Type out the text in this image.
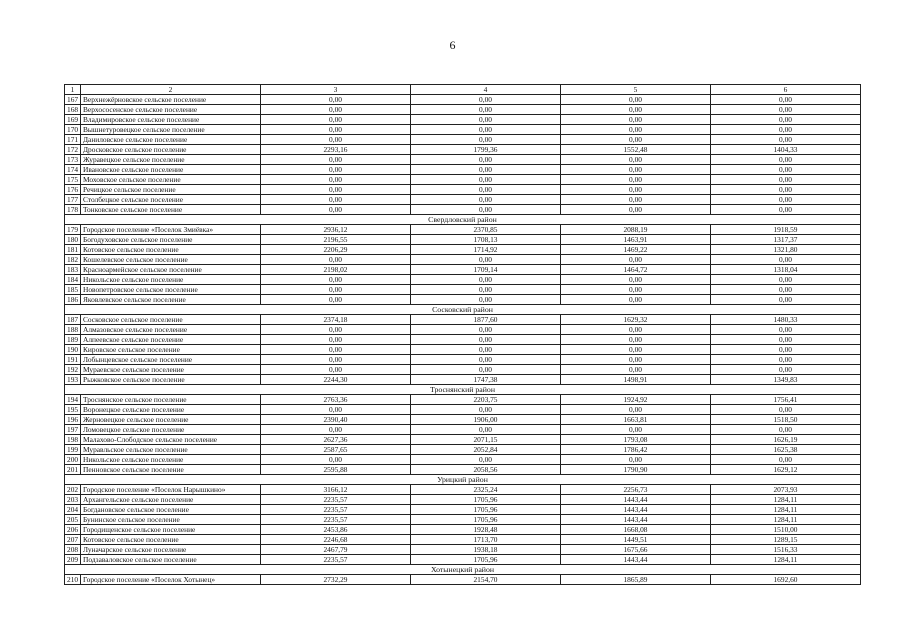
6
1	2	3	4	5	6
167	Верхнежёрновское сельское поселение	0,00	0,00	0,00	0,00
168	Верхососенское сельское поселение	0,00	0,00	0,00	0,00
169	Владимировское сельское поселение	0,00	0,00	0,00	0,00
170	Вышнетуровецкое сельское поселение	0,00	0,00	0,00	0,00
171	Даниловское сельское поселение	0,00	0,00	0,00	0,00
172	Дросковское сельское поселение	2293,16	1799,36	1552,48	1404,33
173	Журавецкое сельское поселение	0,00	0,00	0,00	0,00
174	Ивановское сельское поселение	0,00	0,00	0,00	0,00
175	Моховское сельское поселение	0,00	0,00	0,00	0,00
176	Речицкое сельское поселение	0,00	0,00	0,00	0,00
177	Столбецкое сельское поселение	0,00	0,00	0,00	0,00
178	Тонковское сельское поселение	0,00	0,00	0,00	0,00
Свердловский район					
179	Городское поселение «Поселок Змиёвка»	2936,12	2370,85	2088,19	1918,59
180	Богодуховское сельское поселение	2196,55	1708,13	1463,91	1317,37
181	Котовское сельское поселение	2206,29	1714,92	1469,22	1321,80
182	Кошелевское сельское поселение	0,00	0,00	0,00	0,00
183	Красноармейское сельское поселение	2198,02	1709,14	1464,72	1318,04
184	Никольское сельское поселение	0,00	0,00	0,00	0,00
185	Новопетровское сельское поселение	0,00	0,00	0,00	0,00
186	Яковлевское сельское поселение	0,00	0,00	0,00	0,00
Сосковский район					
187	Сосковское сельское поселение	2374,18	1877,60	1629,32	1480,33
188	Алмазовское сельское поселение	0,00	0,00	0,00	0,00
189	Алпеевское сельское поселение	0,00	0,00	0,00	0,00
190	Кировское сельское поселение	0,00	0,00	0,00	0,00
191	Лобынцевское сельское поселение	0,00	0,00	0,00	0,00
192	Мураевское сельское поселение	0,00	0,00	0,00	0,00
193	Рыжковское сельское поселение	2244,30	1747,38	1498,91	1349,83
Троснянский район					
194	Троснянское сельское поселение	2763,36	2203,75	1924,92	1756,41
195	Воронецкое сельское поселение	0,00	0,00	0,00	0,00
196	Жерновецкое сельское поселение	2390,40	1906,00	1663,81	1518,50
197	Ломовецкое сельское поселение	0,00	0,00	0,00	0,00
198	Малахово-Слободское сельское поселение	2627,36	2071,15	1793,08	1626,19
199	Муравльское сельское поселение	2587,65	2052,84	1786,42	1625,38
200	Никольское сельское поселение	0,00	0,00	0,00	0,00
201	Пенновское сельское поселение	2595,88	2058,56	1790,90	1629,12
Урицкий район					
202	Городское поселение «Поселок Нарышкино»	3166,12	2325,24	2256,73	2073,93
203	Архангельское сельское поселение	2235,57	1705,96	1443,44	1284,11
204	Богдановское сельское поселение	2235,57	1705,96	1443,44	1284,11
205	Бунинское сельское поселение	2235,57	1705,96	1443,44	1284,11
206	Городищенское сельское поселение	2453,86	1928,48	1668,08	1510,00
207	Котовское сельское поселение	2246,68	1713,70	1449,51	1289,15
208	Луначарское сельское поселение	2467,79	1938,18	1675,66	1516,33
209	Подзаваловское сельское поселение	2235,57	1705,96	1443,44	1284,11
Хотынецкий район					
210	Городское поселение «Поселок Хотынец»	2732,29	2154,70	1865,89	1692,60
